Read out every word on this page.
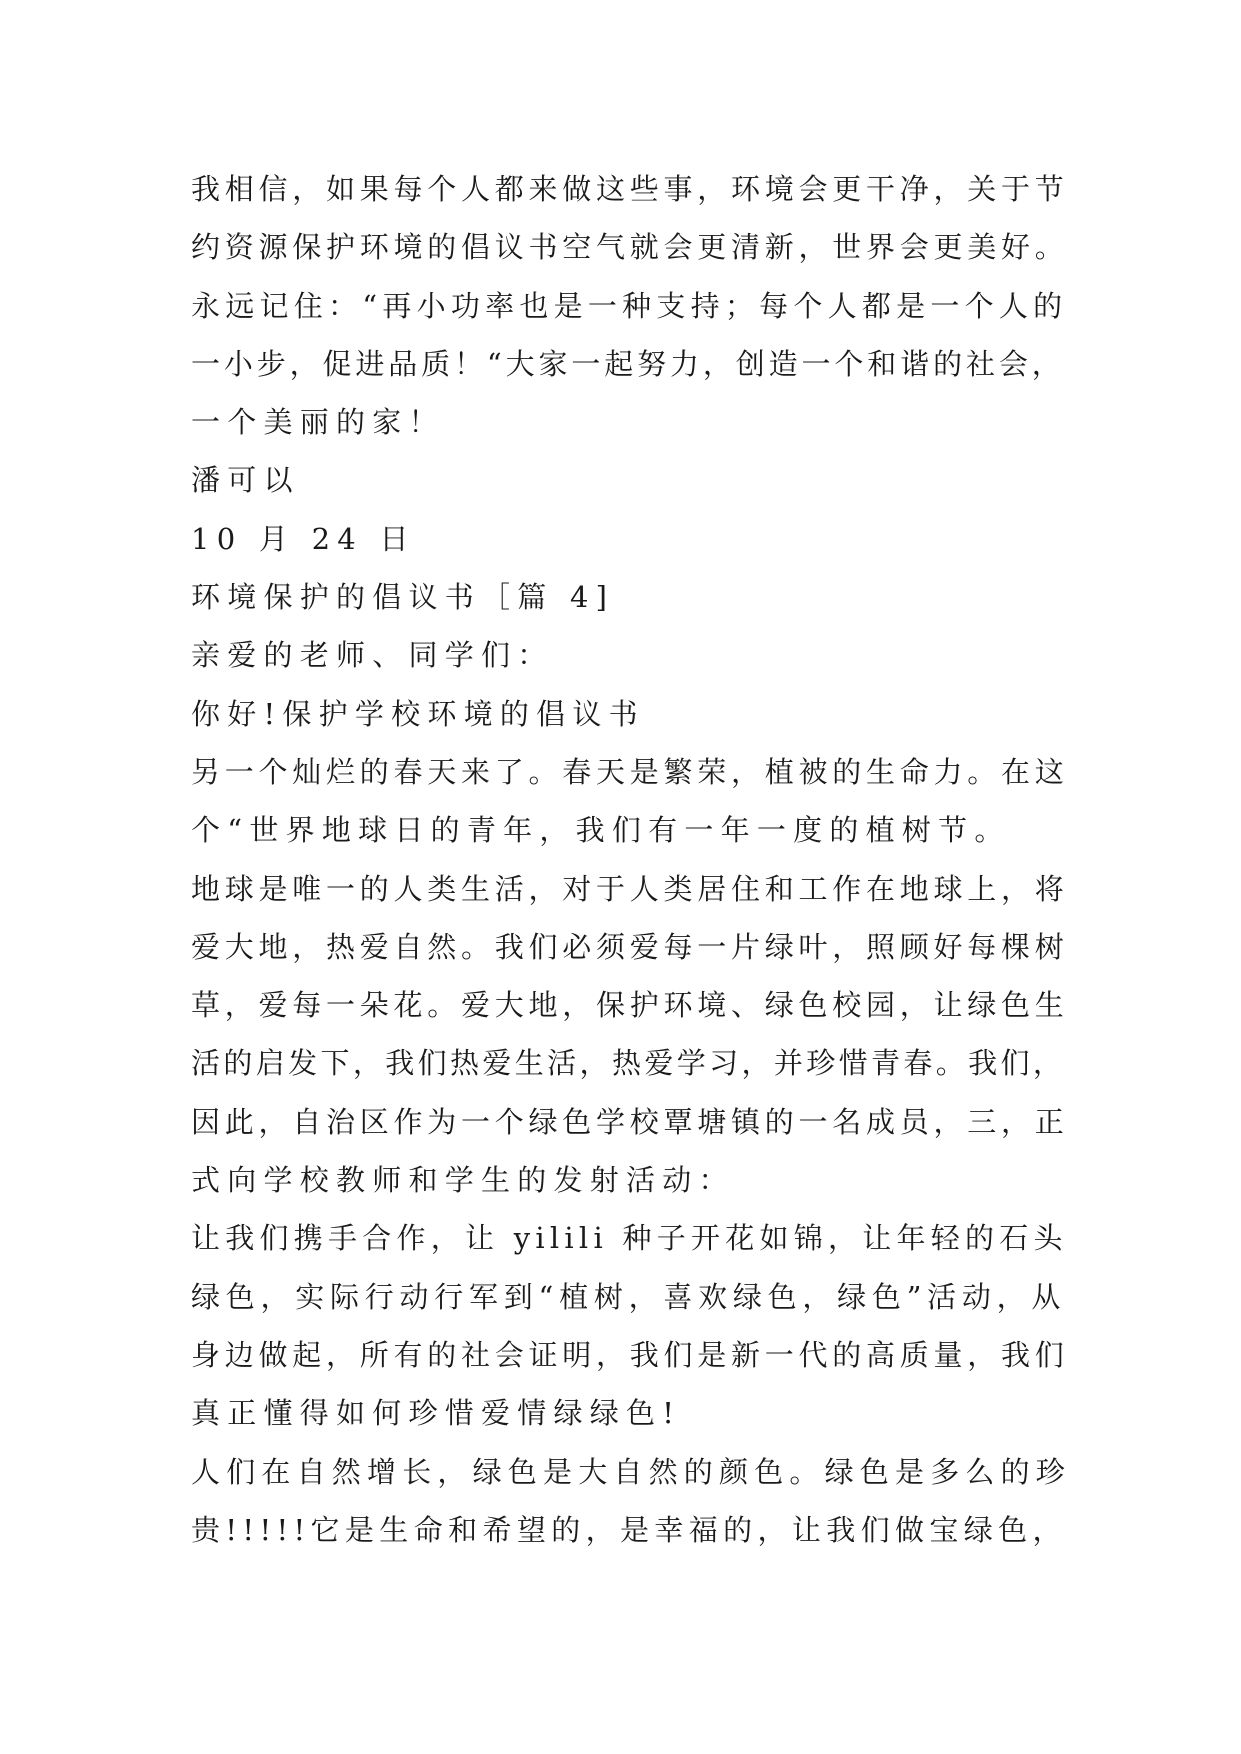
我相信，如果每个人都来做这些事，环境会更干净，关于节
约资源保护环境的倡议书空气就会更清新，世界会更美好。
永远记住：“再小功率也是一种支持；每个人都是一个人的
一小步，促进品质！“大家一起努力，创造一个和谐的社会，
一个美丽的家！
潘可以
10 月 24 日
环境保护的倡议书［篇 4]
亲爱的老师、同学们：
你好!保护学校环境的倡议书
另一个灿烂的春天来了。春天是繁荣，植被的生命力。在这
个“世界地球日的青年，我们有一年一度的植树节。
地球是唯一的人类生活，对于人类居住和工作在地球上，将
爱大地，热爱自然。我们必须爱每一片绿叶，照顾好每棵树
草，爱每一朵花。爱大地，保护环境、绿色校园，让绿色生
活的启发下，我们热爱生活，热爱学习，并珍惜青春。我们，
因此，自治区作为一个绿色学校覃塘镇的一名成员，三，正
式向学校教师和学生的发射活动：
让我们携手合作，让 yilili 种子开花如锦，让年轻的石头
绿色，实际行动行军到“植树，喜欢绿色，绿色”活动，从
身边做起，所有的社会证明，我们是新一代的高质量，我们
真正懂得如何珍惜爱情绿绿色!
人们在自然增长，绿色是大自然的颜色。绿色是多么的珍
贵!!!!!它是生命和希望的，是幸福的，让我们做宝绿色，
